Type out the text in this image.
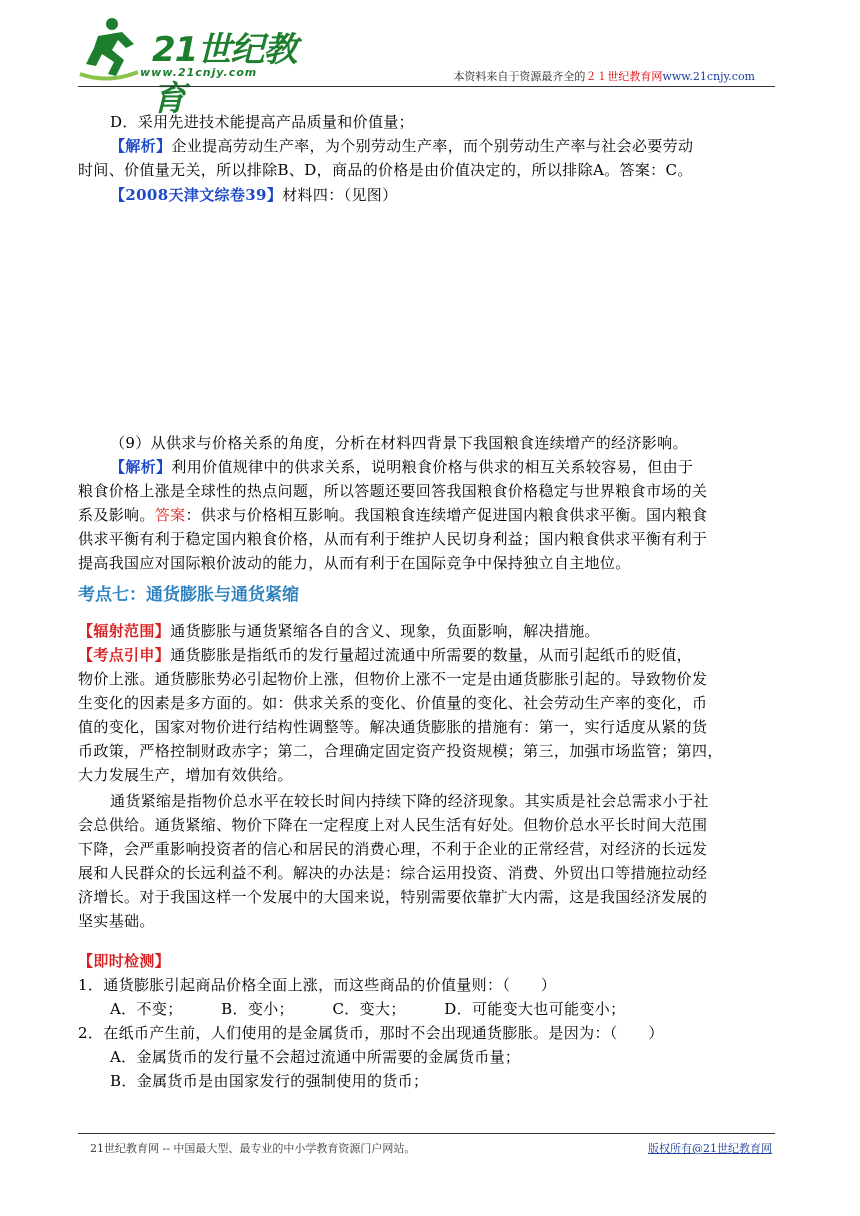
21世纪教育
www.21cnjy.com	本资料来自于资源最齐全的２１世纪教育网www.21cnjy.com
D．采用先进技术能提高产品质量和价值量；
【解析】企业提高劳动生产率，为个别劳动生产率，而个别劳动生产率与社会必要劳动
时间、价值量无关，所以排除B、D，商品的价格是由价值决定的，所以排除A。答案：C。
【2008天津文综卷39】材料四：（见图）
（9）从供求与价格关系的角度，分析在材料四背景下我国粮食连续增产的经济影响。
【解析】利用价值规律中的供求关系，说明粮食价格与供求的相互关系较容易，但由于
粮食价格上涨是全球性的热点问题，所以答题还要回答我国粮食价格稳定与世界粮食市场的关
系及影响。答案：供求与价格相互影响。我国粮食连续增产促进国内粮食供求平衡。国内粮食
供求平衡有利于稳定国内粮食价格，从而有利于维护人民切身利益；国内粮食供求平衡有利于
提高我国应对国际粮价波动的能力，从而有利于在国际竞争中保持独立自主地位。
考点七：通货膨胀与通货紧缩
【辐射范围】通货膨胀与通货紧缩各自的含义、现象，负面影响，解决措施。
【考点引申】通货膨胀是指纸币的发行量超过流通中所需要的数量，从而引起纸币的贬值，
物价上涨。通货膨胀势必引起物价上涨，但物价上涨不一定是由通货膨胀引起的。导致物价发
生变化的因素是多方面的。如：供求关系的变化、价值量的变化、社会劳动生产率的变化，币
值的变化，国家对物价进行结构性调整等。解决通货膨胀的措施有：第一，实行适度从紧的货
币政策，严格控制财政赤字；第二，合理确定固定资产投资规模；第三，加强市场监管；第四，
大力发展生产，增加有效供给。
通货紧缩是指物价总水平在较长时间内持续下降的经济现象。其实质是社会总需求小于社
会总供给。通货紧缩、物价下降在一定程度上对人民生活有好处。但物价总水平长时间大范围
下降，会严重影响投资者的信心和居民的消费心理，不利于企业的正常经营，对经济的长远发
展和人民群众的长远利益不利。解决的办法是：综合运用投资、消费、外贸出口等措施拉动经
济增长。对于我国这样一个发展中的大国来说，特别需要依靠扩大内需，这是我国经济发展的
坚实基础。
【即时检测】
1．通货膨胀引起商品价格全面上涨，而这些商品的价值量则：（　　）
A．不变；　　　B．变小；　　　C．变大；　　　D．可能变大也可能变小；
2．在纸币产生前，人们使用的是金属货币，那时不会出现通货膨胀。是因为：（　　）
A．金属货币的发行量不会超过流通中所需要的金属货币量；
B．金属货币是由国家发行的强制使用的货币；
21世纪教育网 -- 中国最大型、最专业的中小学教育资源门户网站。	版权所有@21世纪教育网
